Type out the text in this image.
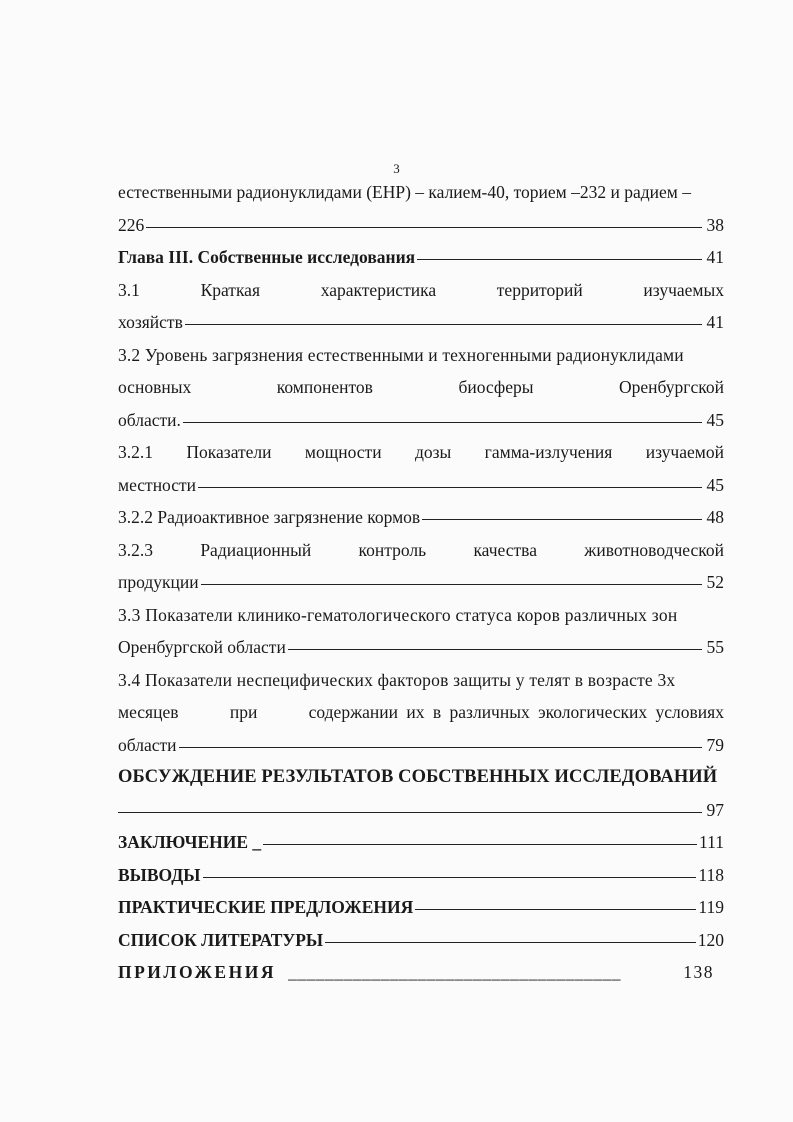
3
естественными радионуклидами (ЕНР) – калием-40, торием –232 и радием –
226	38
Глава III. Собственные исследования	41
3.1	Краткая	характеристика	территорий	изучаемых
хозяйств	41
3.2 Уровень загрязнения естественными и техногенными радионуклидами
основных	компонентов	биосферы	Оренбургской
области.	45
3.2.1 Показатели мощности дозы гамма-излучения изучаемой
местности	45
3.2.2 Радиоактивное загрязнение кормов	48
3.2.3	Радиационный	контроль	качества	животноводческой
продукции	52
3.3 Показатели клинико-гематологического статуса коров различных зон
Оренбургской области	55
3.4 Показатели неспецифических факторов защиты у телят в возрасте 3х
месяцев	при	содержании их в различных экологических условиях
области	79
ОБСУЖДЕНИЕ РЕЗУЛЬТАТОВ СОБСТВЕННЫХ ИССЛЕДОВАНИЙ
97
ЗАКЛЮЧЕНИЕ _	111
ВЫВОДЫ	118
ПРАКТИЧЕСКИЕ ПРЕДЛОЖЕНИЯ	119
СПИСОК ЛИТЕРАТУРЫ	120
ПРИЛОЖЕНИЯ ____________________________________	138
